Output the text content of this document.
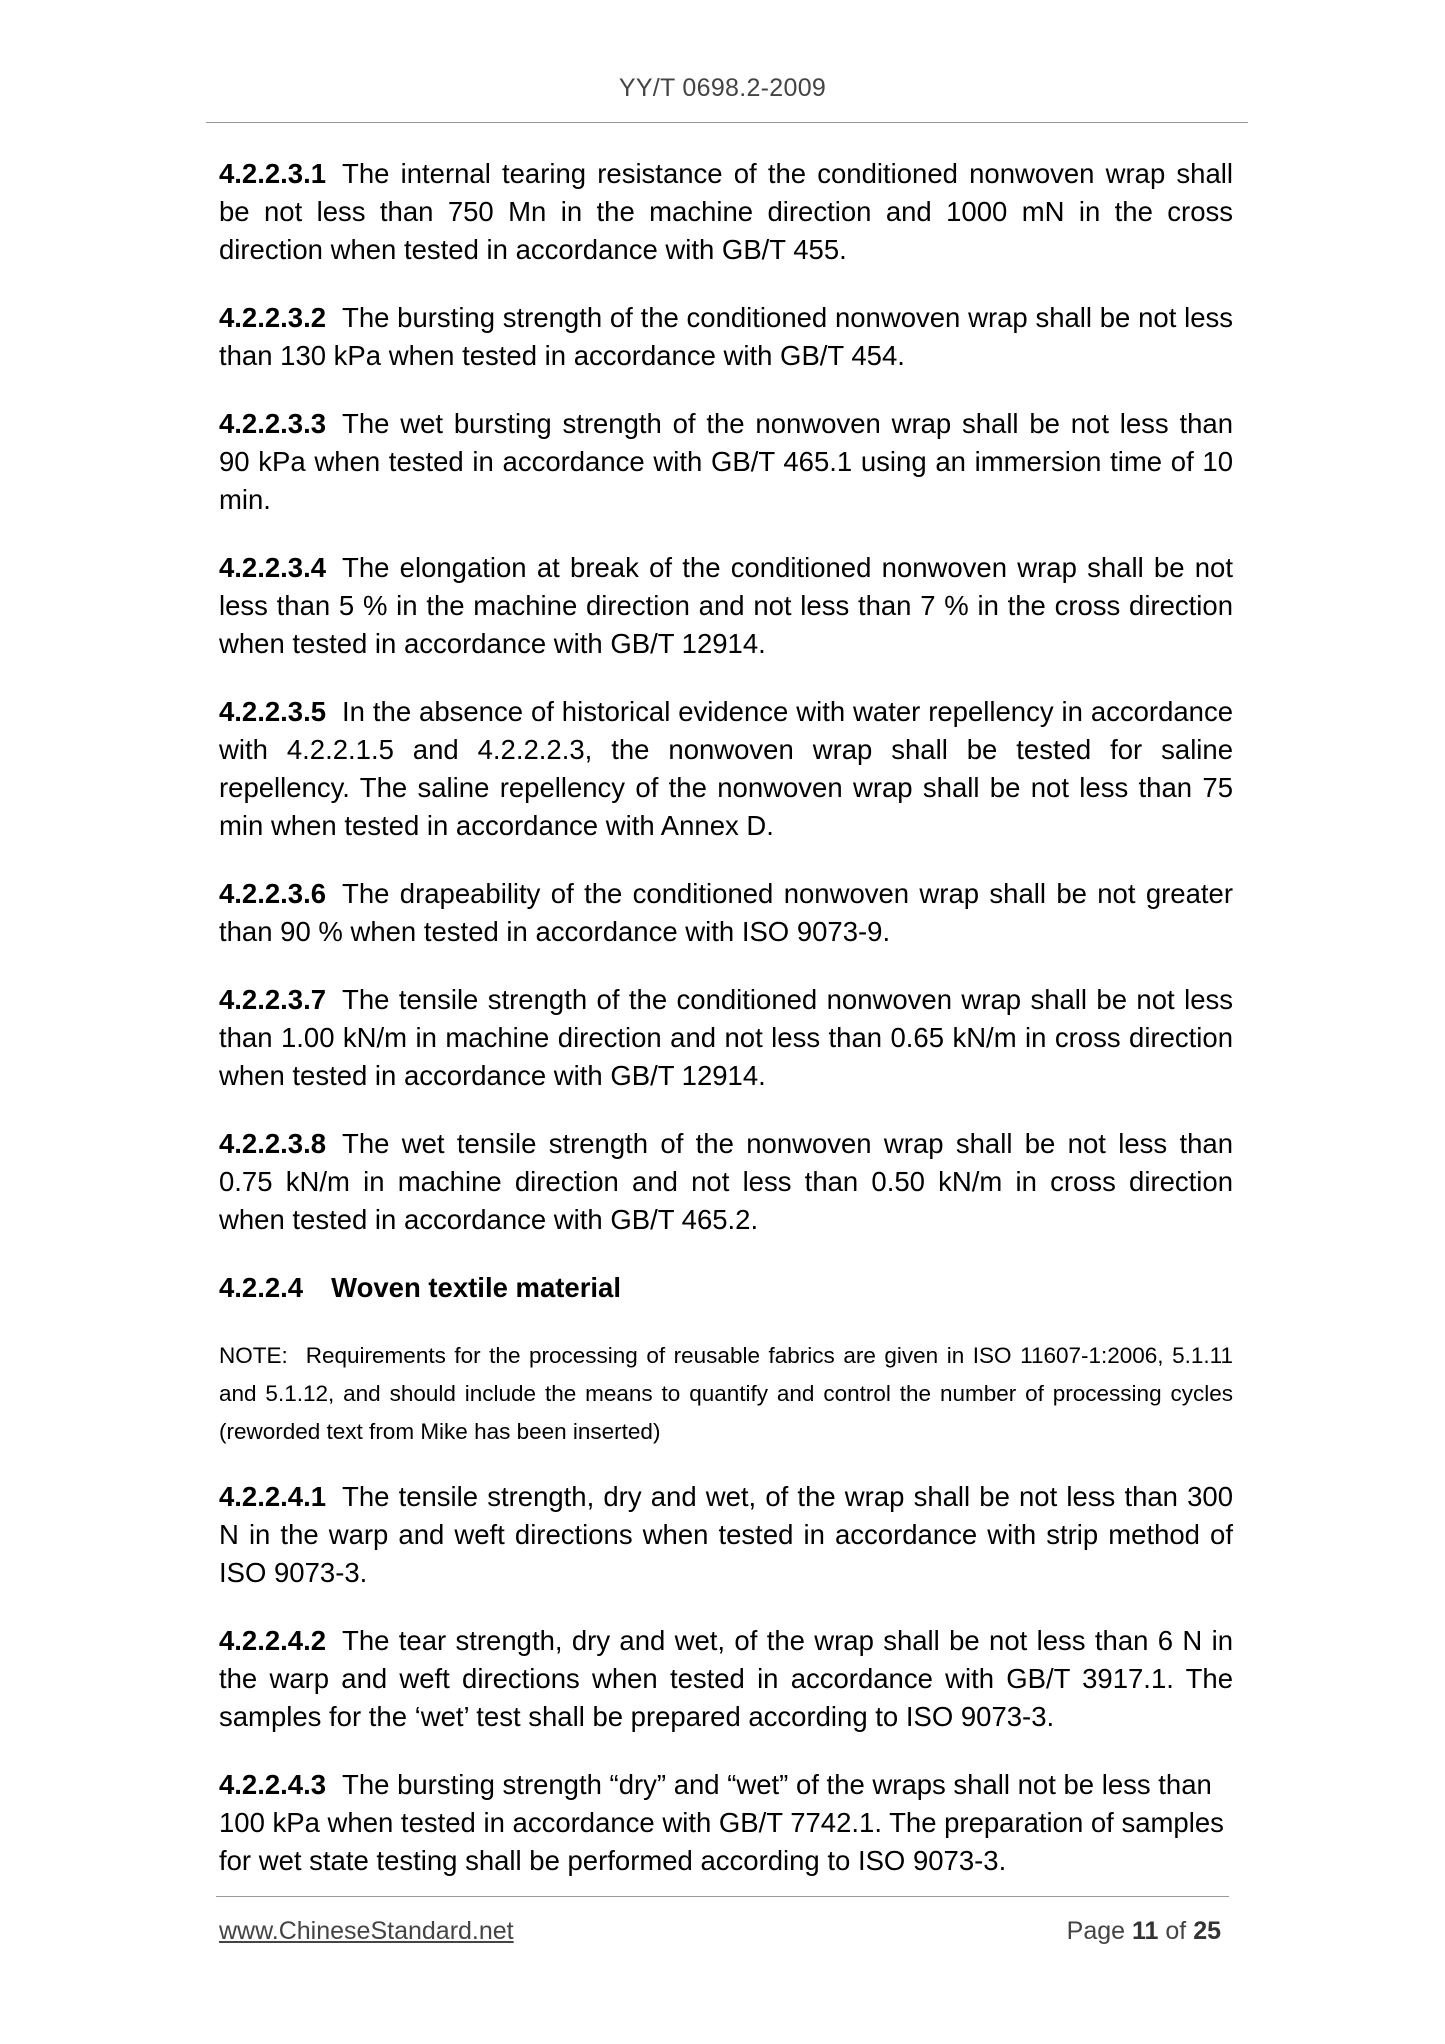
YY/T 0698.2-2009

4.2.2.3.1 The internal tearing resistance of the conditioned nonwoven wrap shall be not less than 750 Mn in the machine direction and 1000 mN in the cross direction when tested in accordance with GB/T 455.

4.2.2.3.2 The bursting strength of the conditioned nonwoven wrap shall be not less than 130 kPa when tested in accordance with GB/T 454.

4.2.2.3.3 The wet bursting strength of the nonwoven wrap shall be not less than 90 kPa when tested in accordance with GB/T 465.1 using an immersion time of 10 min.

4.2.2.3.4 The elongation at break of the conditioned nonwoven wrap shall be not less than 5 % in the machine direction and not less than 7 % in the cross direction when tested in accordance with GB/T 12914.

4.2.2.3.5 In the absence of historical evidence with water repellency in accordance with 4.2.2.1.5 and 4.2.2.2.3, the nonwoven wrap shall be tested for saline repellency. The saline repellency of the nonwoven wrap shall be not less than 75 min when tested in accordance with Annex D.

4.2.2.3.6 The drapeability of the conditioned nonwoven wrap shall be not greater than 90 % when tested in accordance with ISO 9073-9.

4.2.2.3.7 The tensile strength of the conditioned nonwoven wrap shall be not less than 1.00 kN/m in machine direction and not less than 0.65 kN/m in cross direction when tested in accordance with GB/T 12914.

4.2.2.3.8 The wet tensile strength of the nonwoven wrap shall be not less than 0.75 kN/m in machine direction and not less than 0.50 kN/m in cross direction when tested in accordance with GB/T 465.2.

4.2.2.4 Woven textile material

NOTE: Requirements for the processing of reusable fabrics are given in ISO 11607-1:2006, 5.1.11 and 5.1.12, and should include the means to quantify and control the number of processing cycles (reworded text from Mike has been inserted)

4.2.2.4.1 The tensile strength, dry and wet, of the wrap shall be not less than 300 N in the warp and weft directions when tested in accordance with strip method of ISO 9073-3.

4.2.2.4.2 The tear strength, dry and wet, of the wrap shall be not less than 6 N in the warp and weft directions when tested in accordance with GB/T 3917.1. The samples for the ‘wet’ test shall be prepared according to ISO 9073-3.

4.2.2.4.3 The bursting strength “dry” and “wet” of the wraps shall not be less than 100 kPa when tested in accordance with GB/T 7742.1. The preparation of samples for wet state testing shall be performed according to ISO 9073-3.

www.ChineseStandard.net	Page 11 of 25
